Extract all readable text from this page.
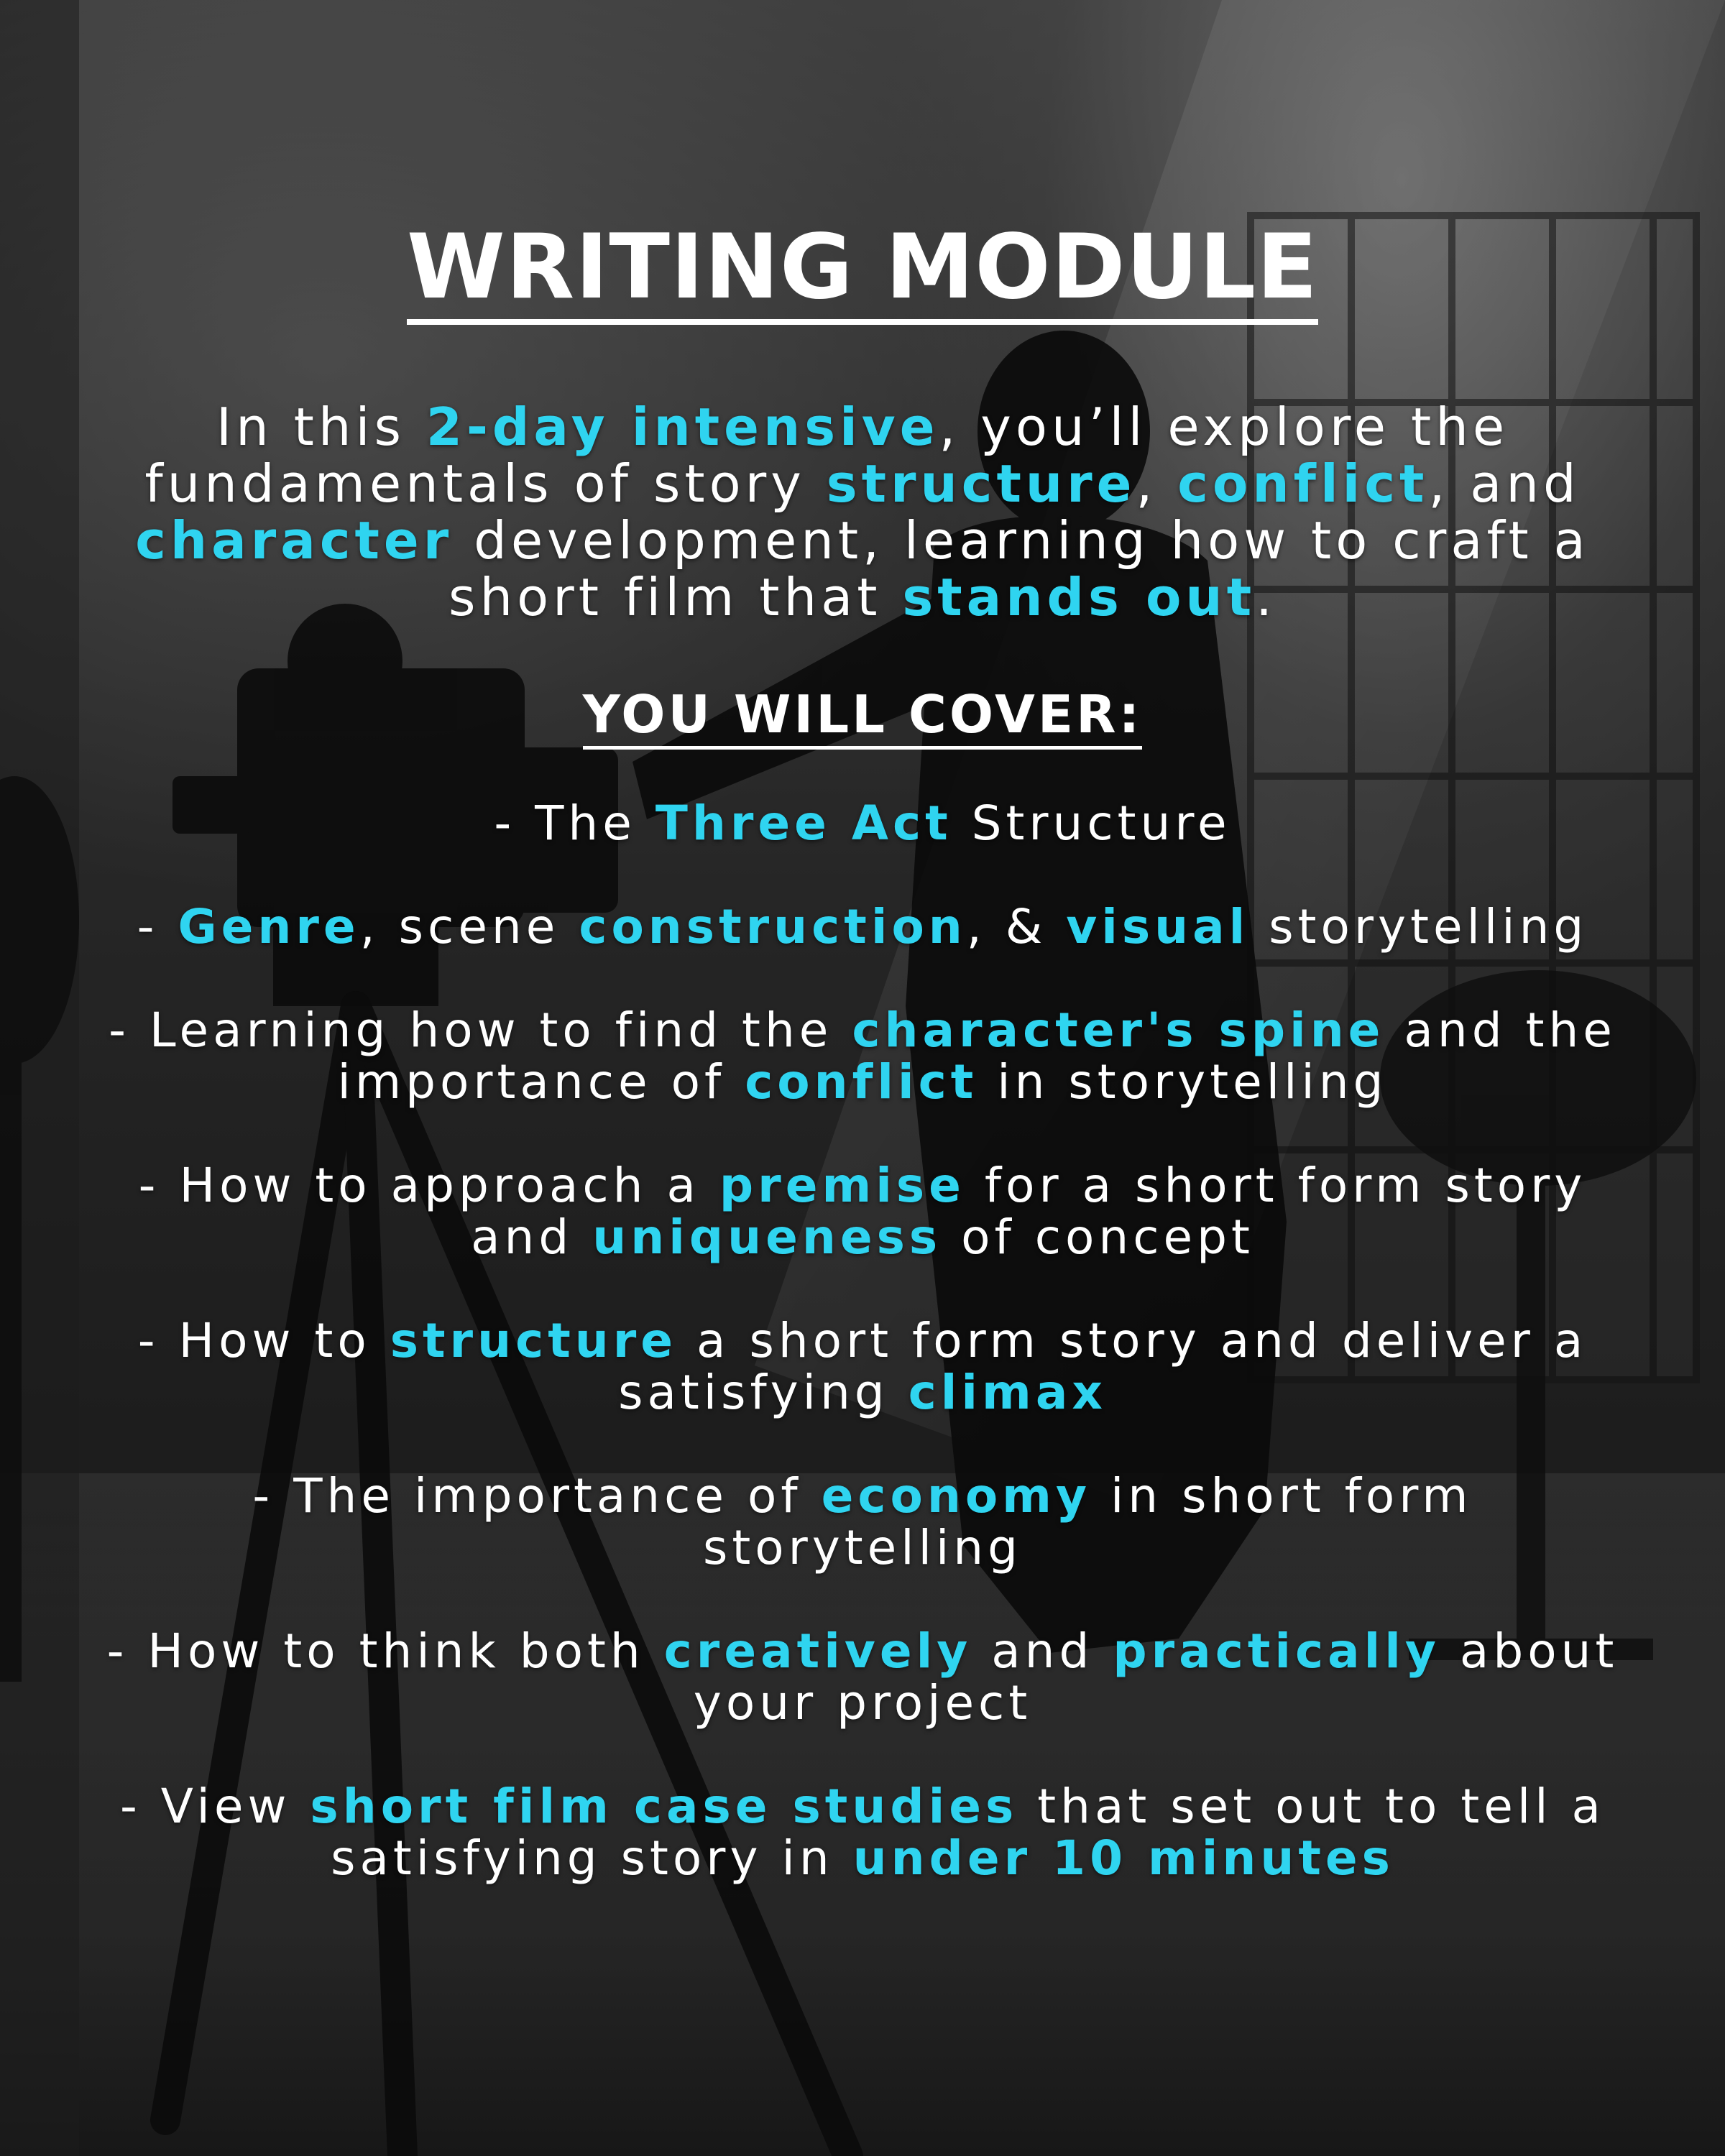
WRITING MODULE

In this 2-day intensive, you’ll explore the fundamentals of story structure, conflict, and character development, learning how to craft a short film that stands out.

YOU WILL COVER:
- The Three Act Structure
- Genre, scene construction, & visual storytelling
- Learning how to find the character's spine and the importance of conflict in storytelling
- How to approach a premise for a short form story and uniqueness of concept
- How to structure a short form story and deliver a satisfying climax
- The importance of economy in short form storytelling
- How to think both creatively and practically about your project
- View short film case studies that set out to tell a satisfying story in under 10 minutes
